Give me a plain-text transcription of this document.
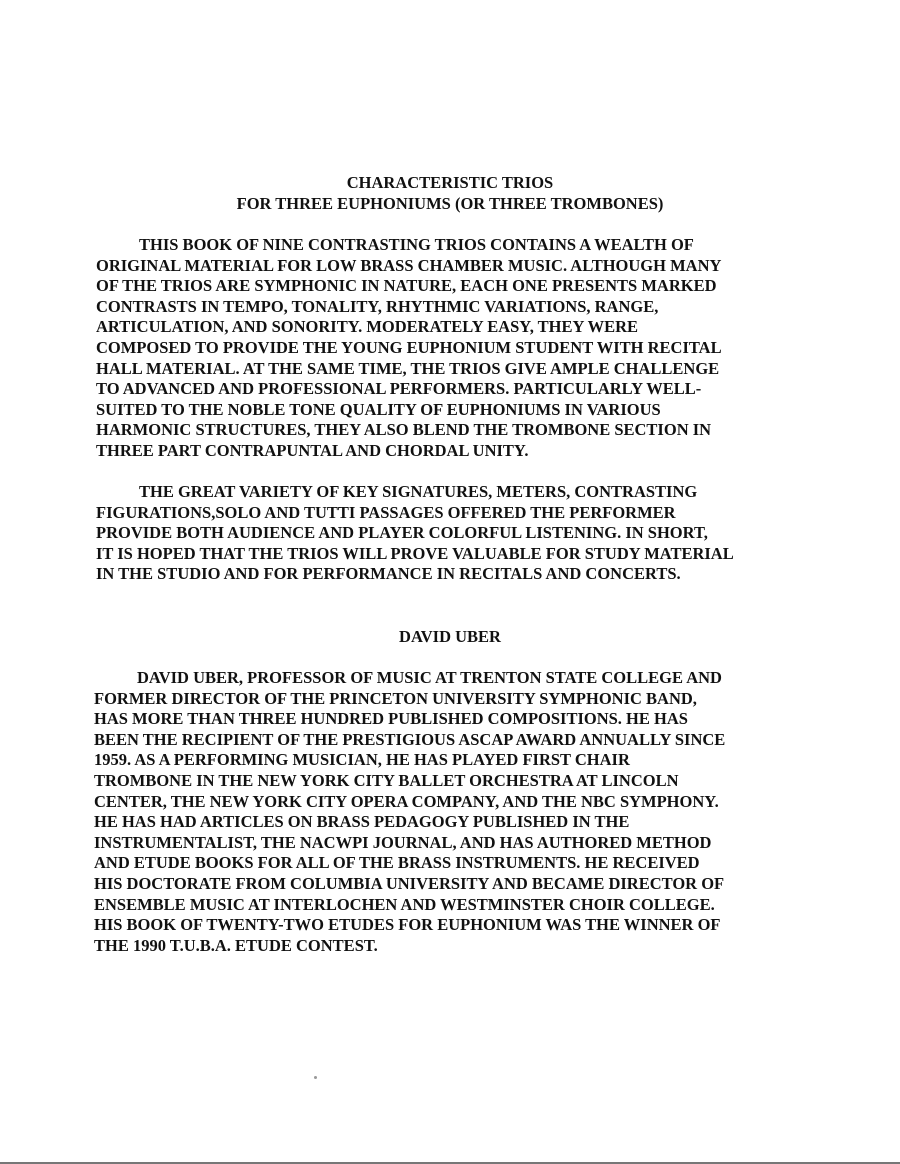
CHARACTERISTIC TRIOS
FOR THREE EUPHONIUMS (OR THREE TROMBONES)
THIS BOOK OF NINE CONTRASTING TRIOS CONTAINS A WEALTH OF
ORIGINAL MATERIAL FOR LOW BRASS CHAMBER MUSIC. ALTHOUGH MANY
OF THE TRIOS ARE SYMPHONIC IN NATURE, EACH ONE PRESENTS MARKED
CONTRASTS IN TEMPO, TONALITY, RHYTHMIC VARIATIONS, RANGE,
ARTICULATION, AND SONORITY. MODERATELY EASY, THEY WERE
COMPOSED TO PROVIDE THE YOUNG EUPHONIUM STUDENT WITH RECITAL
HALL MATERIAL. AT THE SAME TIME, THE TRIOS GIVE AMPLE CHALLENGE
TO ADVANCED AND PROFESSIONAL PERFORMERS. PARTICULARLY WELL-
SUITED TO THE NOBLE TONE QUALITY OF EUPHONIUMS IN VARIOUS
HARMONIC STRUCTURES, THEY ALSO BLEND THE TROMBONE SECTION IN
THREE PART CONTRAPUNTAL AND CHORDAL UNITY.
THE GREAT VARIETY OF KEY SIGNATURES, METERS, CONTRASTING
FIGURATIONS,SOLO AND TUTTI PASSAGES OFFERED THE PERFORMER
PROVIDE BOTH AUDIENCE AND PLAYER COLORFUL LISTENING. IN SHORT,
IT IS HOPED THAT THE TRIOS WILL PROVE VALUABLE FOR STUDY MATERIAL
IN THE STUDIO AND FOR PERFORMANCE IN RECITALS AND CONCERTS.
DAVID UBER
DAVID UBER, PROFESSOR OF MUSIC AT TRENTON STATE COLLEGE AND
FORMER DIRECTOR OF THE PRINCETON UNIVERSITY SYMPHONIC BAND,
HAS MORE THAN THREE HUNDRED PUBLISHED COMPOSITIONS. HE HAS
BEEN THE RECIPIENT OF THE PRESTIGIOUS ASCAP AWARD ANNUALLY SINCE
1959. AS A PERFORMING MUSICIAN, HE HAS PLAYED FIRST CHAIR
TROMBONE IN THE NEW YORK CITY BALLET ORCHESTRA AT LINCOLN
CENTER, THE NEW YORK CITY OPERA COMPANY, AND THE NBC SYMPHONY.
HE HAS HAD ARTICLES ON BRASS PEDAGOGY PUBLISHED IN THE
INSTRUMENTALIST, THE NACWPI JOURNAL, AND HAS AUTHORED METHOD
AND ETUDE BOOKS FOR ALL OF THE BRASS INSTRUMENTS. HE RECEIVED
HIS DOCTORATE FROM COLUMBIA UNIVERSITY AND BECAME DIRECTOR OF
ENSEMBLE MUSIC AT INTERLOCHEN AND WESTMINSTER CHOIR COLLEGE.
HIS BOOK OF TWENTY-TWO ETUDES FOR EUPHONIUM WAS THE WINNER OF
THE 1990 T.U.B.A. ETUDE CONTEST.
